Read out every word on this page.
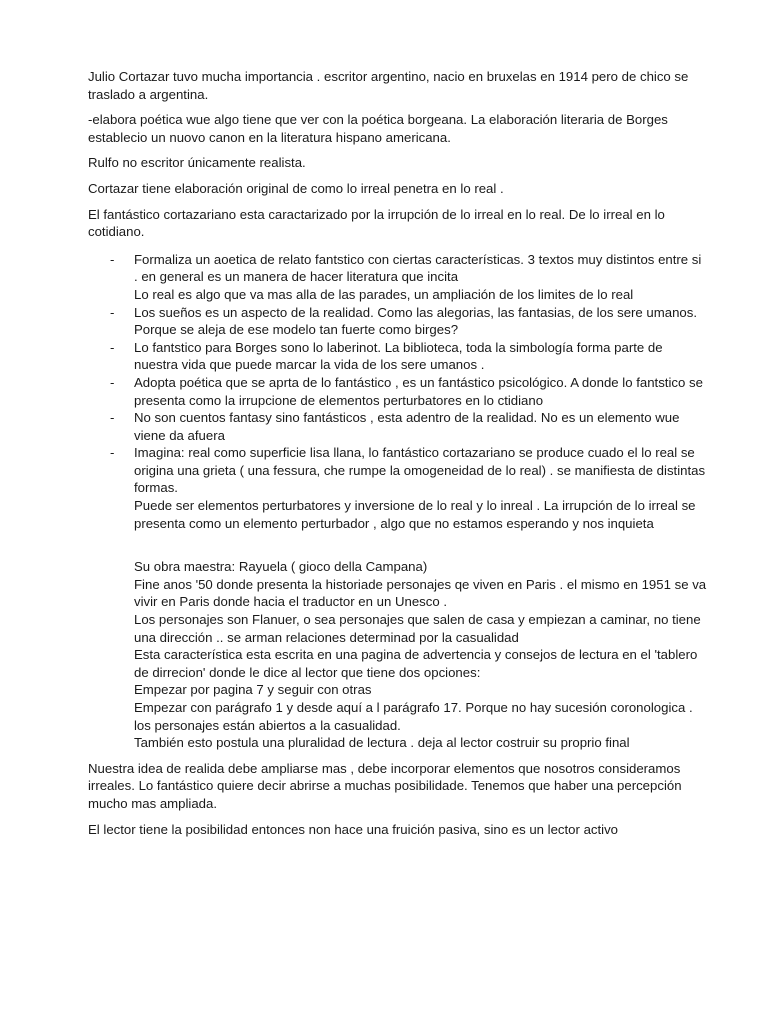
Julio Cortazar tuvo mucha importancia . escritor argentino, nacio en bruxelas en 1914 pero de chico se traslado a argentina.

-elabora poética wue algo tiene que ver con la poética borgeana. La elaboración literaria de Borges establecio un nuovo canon en la literatura hispano americana.

Rulfo no escritor únicamente realista.

Cortazar tiene elaboración original de como lo irreal penetra en lo real .

El fantástico cortazariano esta caractarizado por la irrupción de lo irreal en lo real. De lo irreal en lo cotidiano.

- Formaliza un aoetica de relato fantstico con ciertas características. 3 textos muy distintos entre si . en general es un manera de hacer literatura que incita
Lo real es algo que va mas alla de las parades, un ampliación de los limites de lo real
- Los sueños es un aspecto de la realidad. Como las alegorias, las fantasias, de los sere umanos. Porque se aleja de ese modelo tan fuerte como birges?
- Lo fantstico para Borges sono lo laberinot. La biblioteca, toda la simbología forma parte de nuestra vida que puede marcar la vida de los sere umanos .
- Adopta poética que se aprta de lo fantástico , es un fantástico psicológico. A donde lo fantstico se presenta como la irrupcione de elementos perturbatores en lo ctidiano
- No son cuentos fantasy sino fantásticos , esta adentro de la realidad. No es un elemento wue viene da afuera
- Imagina: real como superficie lisa llana, lo fantástico cortazariano se produce cuado el lo real se origina una grieta ( una fessura, che rumpe la omogeneidad de lo real) . se manifiesta de distintas formas.
Puede ser elementos perturbatores y inversione de lo real y lo inreal . La irrupción de lo irreal se presenta como un elemento perturbador , algo que no estamos esperando y nos inquieta
Su obra maestra: Rayuela ( gioco della Campana)
Fine anos '50 donde presenta la historiade personajes qe viven en Paris . el mismo en 1951 se va vivir en Paris donde hacia el traductor en un Unesco .
Los personajes son Flanuer, o sea personajes que salen de casa y empiezan a caminar, no tiene una dirección .. se arman relaciones determinad por la casualidad
Esta característica esta escrita en una pagina de advertencia y consejos de lectura en el 'tablero de dirrecion' donde le dice al lector que tiene dos opciones:
Empezar por pagina 7 y seguir con otras
Empezar con parágrafo 1 y desde aquí a l parágrafo 17. Porque no hay sucesión coronologica . los personajes están abiertos a la casualidad.
También esto postula una pluralidad de lectura . deja al lector costruir su proprio final

Nuestra idea de realida debe ampliarse mas , debe incorporar elementos que nosotros consideramos irreales. Lo fantástico quiere decir abrirse a muchas posibilidade. Tenemos que haber una percepción mucho mas ampliada.

El lector tiene la posibilidad entonces non hace una fruición pasiva, sino es un lector activo
